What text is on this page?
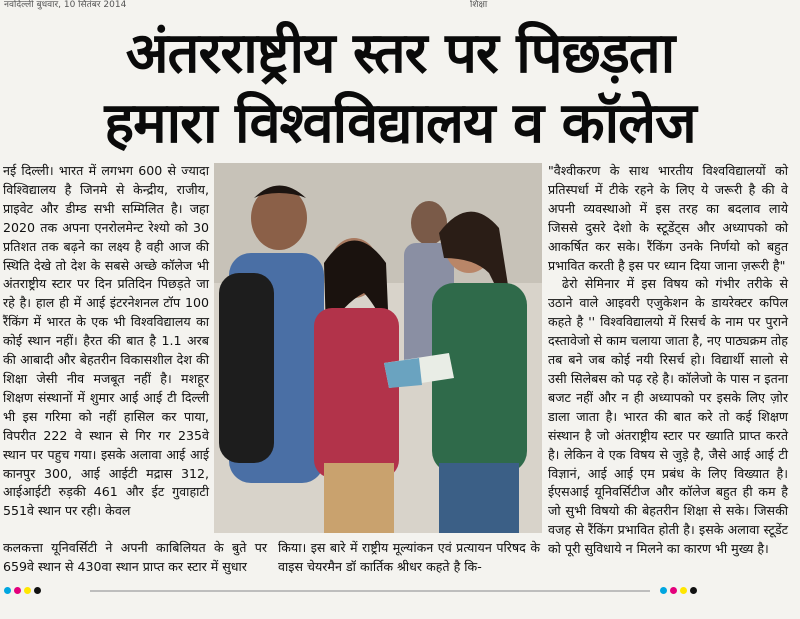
नवदिल्ली बुधवार, 10 सितंबर 2014	शिक्षा
अंतरराष्ट्रीय स्तर पर पिछड़ता
हमारा विश्वविद्यालय व कॉलेज

नई दिल्ली। भारत में लगभग 600 से ज्यादा विश्विद्यालय है जिनमे से केन्द्रीय, राजीय, प्राइवेट और डीम्ड सभी सम्मिलित है। जहा 2020 तक अपना एनरोलमेन्ट रेश्यो को 30 प्रतिशत तक बढ़ने का लक्ष्य है वही आज की स्थिति देखे तो देश के सबसे अच्छे कॉलेज भी अंतराष्ट्रीय स्टार पर दिन प्रतिदिन पिछड़ते जा रहे है। हाल ही में आई इंटरनेशनल टॉप 100 रैंकिंग में भारत के एक भी विश्वविद्यालय का कोई स्थान नहीं। हैरत की बात है 1.1 अरब की आबादी और बेहतरीन विकासशील देश की शिक्षा जेसी नीव मजबूत नहीं है। मशहूर शिक्षण संस्थानों में शुमार आई आई टी दिल्ली भी इस गरिमा को नहीं हासिल कर पाया, विपरीत 222 वे स्थान से गिर गर 235वे स्थान पर पहुच गया। इसके अलावा आई आई कानपुर 300, आई आईटी मद्रास 312, आईआईटी रुड़की 461 और ईट गुवाहाटी 551वे स्थान पर रही। केवल

कलकत्ता यूनिवर्सिटी ने अपनी काबिलियत के बुते पर 659वे स्थान से 430वा स्थान प्राप्त कर स्टार में सुधार

किया। इस बारे में राष्ट्रीय मूल्यांकन एवं प्रत्यायन परिषद के वाइस चेयरमैन डॉ कार्तिक श्रीधर कहते है कि-

"वैश्वीकरण के साथ भारतीय विश्वविद्यालयों को प्रतिस्पर्धा में टीके रहने के लिए ये जरूरी है की वे अपनी व्यवस्थाओ में इस तरह का बदलाव लाये जिससे दुसरे देशो के स्टूडेंट्स और अध्यापको को आकर्षित कर सके। रैंकिंग उनके निर्णयो को बहुत प्रभावित करती है इस पर ध्यान दिया जाना ज़रूरी है"

ढेरो सेमिनार में इस विषय को गंभीर तरीके से उठाने वाले आइवरी एजुकेशन के डायरेक्टर कपिल कहते है '' विश्वविद्यालयो में रिसर्च के नाम पर पुराने दस्तावेजो से काम चलाया जाता है, नए पाठ्यक्रम तोह तब बने जब कोई नयी रिसर्च हो। विद्यार्थी सालो से उसी सिलेबस को पढ़ रहे है। कॉलेजो के पास न इतना बजट नहीं और न ही अध्यापको पर इसके लिए ज़ोर डाला जाता है। भारत की बात करे तो कई शिक्षण संस्थान है जो अंतराष्ट्रीय स्टार पर ख्याति प्राप्त करते है। लेकिन वे एक विषय से जुड़े है, जैसे आई आई टी विज्ञानं, आई आई एम प्रबंध के लिए विख्यात है। ईएसआई यूनिवर्सिटीज और कॉलेज बहुत ही कम है जो सुभी विषयो की बेहतरीन शिक्षा से सके। जिसकी वजह से रैंकिंग प्रभावित होती है। इसके अलावा स्टूडेंट को पूरी सुविधाये न मिलने का कारण भी मुख्य है।
